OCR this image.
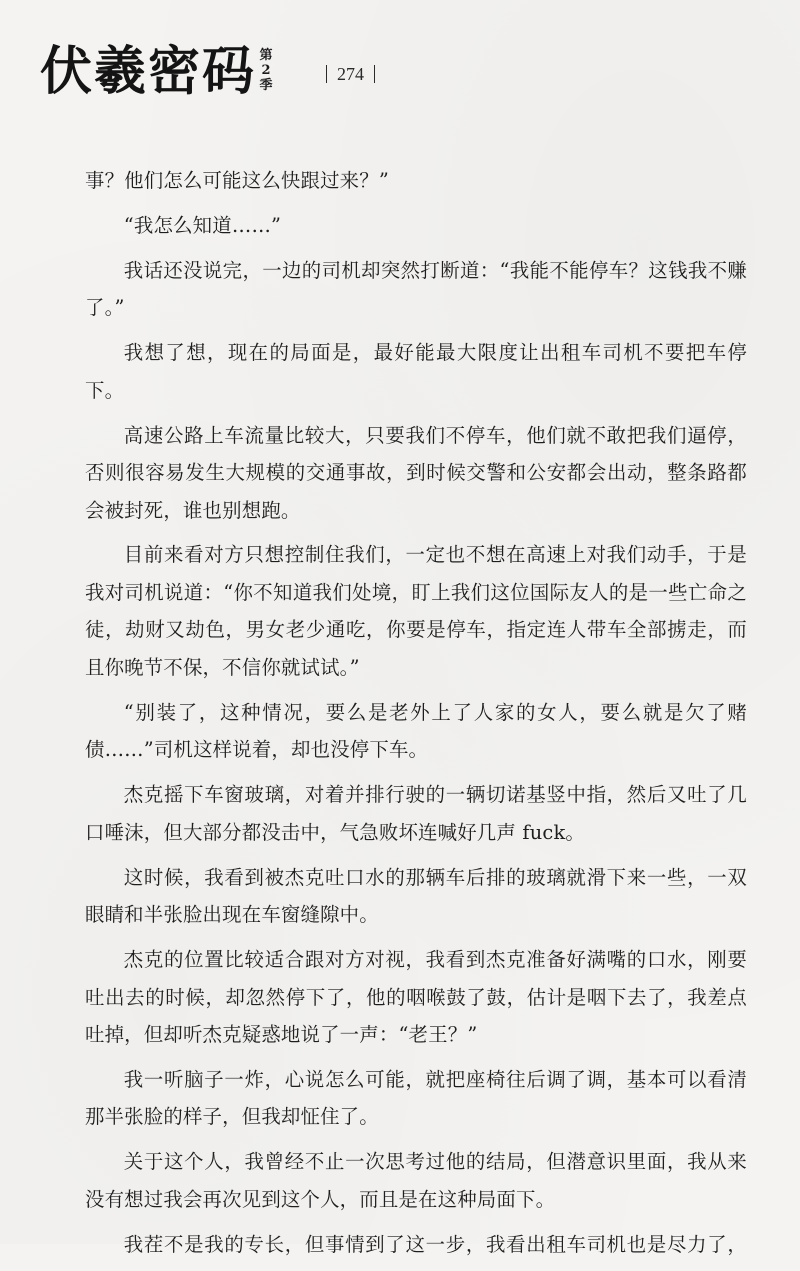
伏羲密码 第
2
季
274

事？他们怎么可能这么快跟过来？”

“我怎么知道……”

我话还没说完，一边的司机却突然打断道：“我能不能停车？这钱我不赚了。”

我想了想，现在的局面是，最好能最大限度让出租车司机不要把车停下。

高速公路上车流量比较大，只要我们不停车，他们就不敢把我们逼停，否则很容易发生大规模的交通事故，到时候交警和公安都会出动，整条路都会被封死，谁也别想跑。

目前来看对方只想控制住我们，一定也不想在高速上对我们动手，于是我对司机说道：“你不知道我们处境，盯上我们这位国际友人的是一些亡命之徒，劫财又劫色，男女老少通吃，你要是停车，指定连人带车全部掳走，而且你晚节不保，不信你就试试。”

“别装了，这种情况，要么是老外上了人家的女人，要么就是欠了赌债……”司机这样说着，却也没停下车。

杰克摇下车窗玻璃，对着并排行驶的一辆切诺基竖中指，然后又吐了几口唾沫，但大部分都没击中，气急败坏连喊好几声 fuck。

这时候，我看到被杰克吐口水的那辆车后排的玻璃就滑下来一些，一双眼睛和半张脸出现在车窗缝隙中。

杰克的位置比较适合跟对方对视，我看到杰克准备好满嘴的口水，刚要吐出去的时候，却忽然停下了，他的咽喉鼓了鼓，估计是咽下去了，我差点吐掉，但却听杰克疑惑地说了一声：“老王？”

我一听脑子一炸，心说怎么可能，就把座椅往后调了调，基本可以看清那半张脸的样子，但我却怔住了。

关于这个人，我曾经不止一次思考过他的结局，但潜意识里面，我从来没有想过我会再次见到这个人，而且是在这种局面下。

我茬不是我的专长，但事情到了这一步，我看出租车司机也是尽力了，
